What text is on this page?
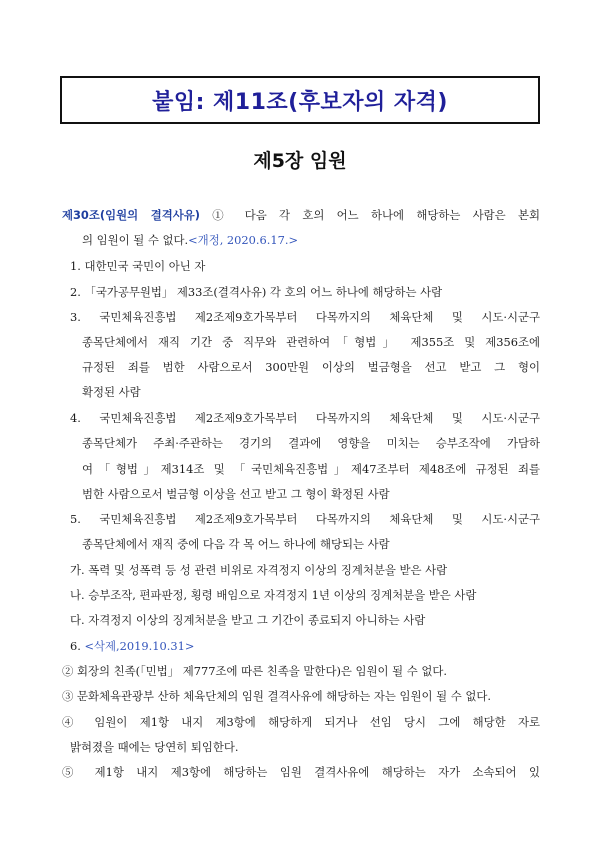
붙임: 제11조(후보자의 자격)
제5장 임원
제30조(임원의 결격사유) ① 다음 각 호의 어느 하나에 해당하는 사람은 본회
의 임원이 될 수 없다.<개정, 2020.6.17.>
1. 대한민국 국민이 아닌 자
2. 「국가공무원법」 제33조(결격사유) 각 호의 어느 하나에 해당하는 사람
3. 국민체육진흥법 제2조제9호가목부터 다목까지의 체육단체 및 시도·시군구
종목단체에서 재직 기간 중 직무와 관련하여「형법」 제355조 및 제356조에
규정된 죄를 범한 사람으로서 300만원 이상의 벌금형을 선고 받고 그 형이
확정된 사람
4. 국민체육진흥법 제2조제9호가목부터 다목까지의 체육단체 및 시도·시군구
종목단체가 주최·주관하는 경기의 결과에 영향을 미치는 승부조작에 가담하
여「형법」제314조 및 「국민체육진흥법」제47조부터 제48조에 규정된 죄를
범한 사람으로서 벌금형 이상을 선고 받고 그 형이 확정된 사람
5. 국민체육진흥법 제2조제9호가목부터 다목까지의 체육단체 및 시도·시군구
종목단체에서 재직 중에 다음 각 목 어느 하나에 해당되는 사람
가. 폭력 및 성폭력 등 성 관련 비위로 자격정지 이상의 징계처분을 받은 사람
나. 승부조작, 편파판정, 횡령 배임으로 자격정지 1년 이상의 징계처분을 받은 사람
다. 자격정지 이상의 징계처분을 받고 그 기간이 종료되지 아니하는 사람
6. <삭제,2019.10.31>
② 회장의 친족(「민법」 제777조에 따른 친족을 말한다)은 임원이 될 수 없다.
③ 문화체육관광부 산하 체육단체의 임원 결격사유에 해당하는 자는 임원이 될 수 없다.
④ 임원이 제1항 내지 제3항에 해당하게 되거나 선임 당시 그에 해당한 자로
밝혀졌을 때에는 당연히 퇴임한다.
⑤ 제1항 내지 제3항에 해당하는 임원 결격사유에 해당하는 자가 소속되어 있
